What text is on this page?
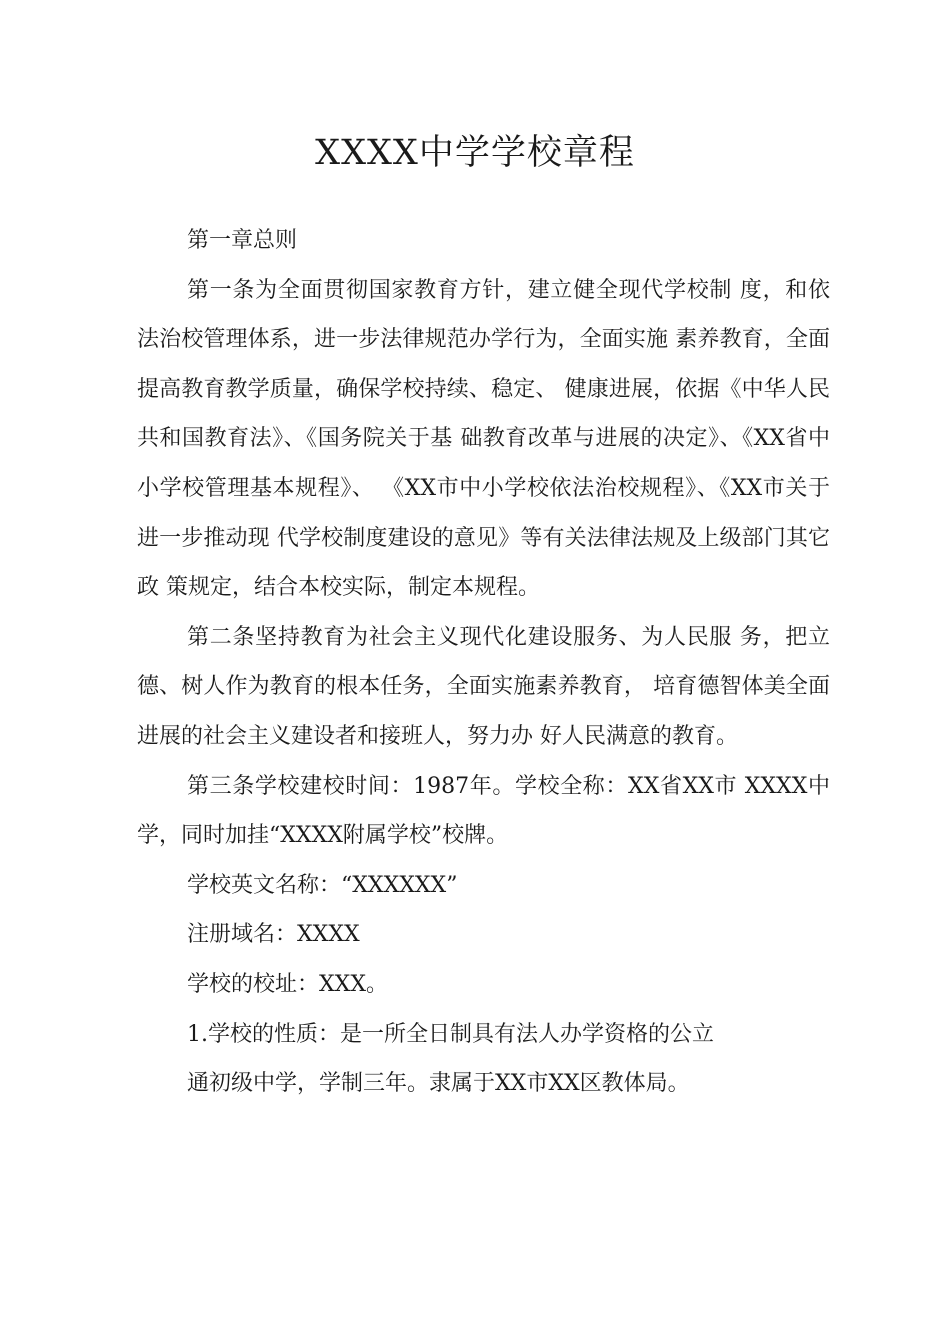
XXXX中学学校章程

第一章总则

第一条为全面贯彻国家教育方针，建立健全现代学校制 度，和依法治校管理体系，进一步法律规范办学行为，全面实施 素养教育，全面提高教育教学质量，确保学校持续、稳定、 健康进展，依据《中华人民共和国教育法》、《国务院关于基 础教育改革与进展的决定》、《XX省中小学校管理基本规程》、 《XX市中小学校依法治校规程》、《XX市关于进一步推动现 代学校制度建设的意见》等有关法律法规及上级部门其它政 策规定，结合本校实际，制定本规程。

第二条坚持教育为社会主义现代化建设服务、为人民服 务，把立德、树人作为教育的根本任务，全面实施素养教育， 培育德智体美全面进展的社会主义建设者和接班人，努力办 好人民满意的教育。

第三条学校建校时间：1987年。学校全称：XX省XX市 XXXX中学，同时加挂“XXXX附属学校”校牌。

学校英文名称：“XXXXXX”

注册域名：XXXX

学校的校址：XXX。

1.学校的性质：是一所全日制具有法人办学资格的公立

通初级中学，学制三年。隶属于XX市XX区教体局。
